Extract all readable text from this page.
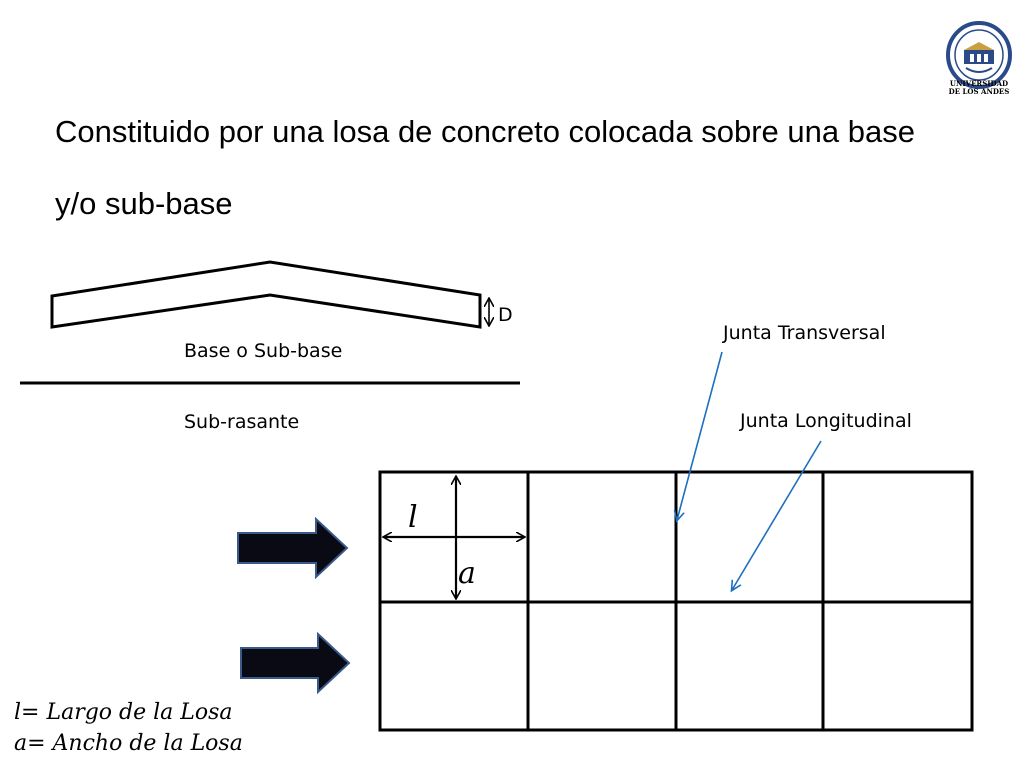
Constituido por una losa de concreto colocada sobre una base y/o sub-base
D
Base o Sub-base
Sub-rasante
Junta Transversal
Junta Longitudinal
l
a
l= Largo de la Losa
a= Ancho de la Losa
UNIVERSIDAD
DE LOS ANDES
